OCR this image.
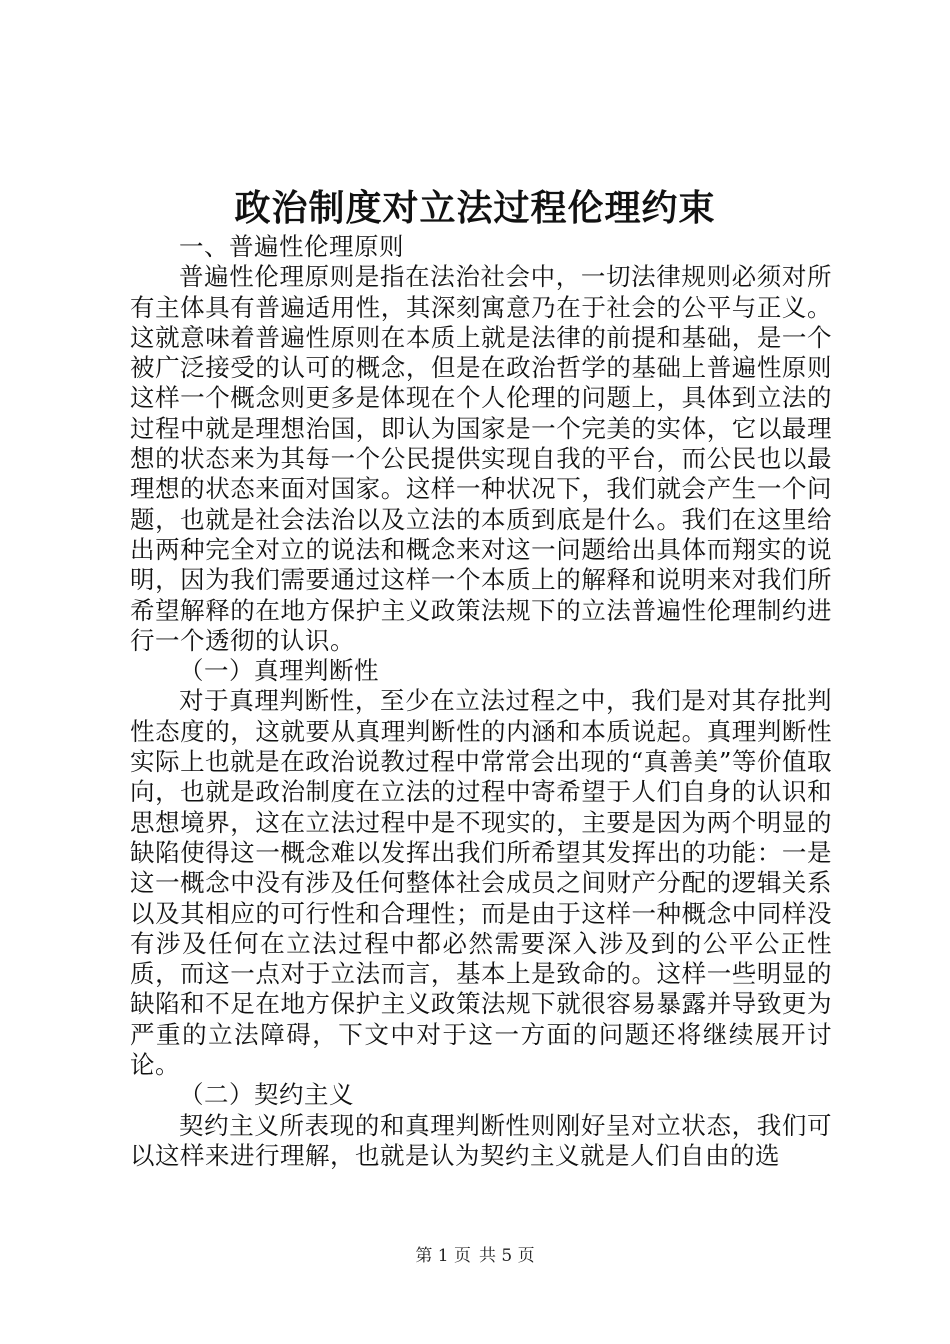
政治制度对立法过程伦理约束

一、普遍性伦理原则

普遍性伦理原则是指在法治社会中，一切法律规则必须对所有主体具有普遍适用性，其深刻寓意乃在于社会的公平与正义。这就意味着普遍性原则在本质上就是法律的前提和基础，是一个被广泛接受的认可的概念，但是在政治哲学的基础上普遍性原则这样一个概念则更多是体现在个人伦理的问题上，具体到立法的过程中就是理想治国，即认为国家是一个完美的实体，它以最理想的状态来为其每一个公民提供实现自我的平台，而公民也以最理想的状态来面对国家。这样一种状况下，我们就会产生一个问题，也就是社会法治以及立法的本质到底是什么。我们在这里给出两种完全对立的说法和概念来对这一问题给出具体而翔实的说明，因为我们需要通过这样一个本质上的解释和说明来对我们所希望解释的在地方保护主义政策法规下的立法普遍性伦理制约进行一个透彻的认识。

（一）真理判断性

对于真理判断性，至少在立法过程之中，我们是对其存批判性态度的，这就要从真理判断性的内涵和本质说起。真理判断性实际上也就是在政治说教过程中常常会出现的“真善美”等价值取向，也就是政治制度在立法的过程中寄希望于人们自身的认识和思想境界，这在立法过程中是不现实的，主要是因为两个明显的缺陷使得这一概念难以发挥出我们所希望其发挥出的功能：一是这一概念中没有涉及任何整体社会成员之间财产分配的逻辑关系以及其相应的可行性和合理性；而是由于这样一种概念中同样没有涉及任何在立法过程中都必然需要深入涉及到的公平公正性质，而这一点对于立法而言，基本上是致命的。这样一些明显的缺陷和不足在地方保护主义政策法规下就很容易暴露并导致更为严重的立法障碍，下文中对于这一方面的问题还将继续展开讨论。

（二）契约主义

契约主义所表现的和真理判断性则刚好呈对立状态，我们可以这样来进行理解，也就是认为契约主义就是人们自由的选

第 1 页 共 5 页
